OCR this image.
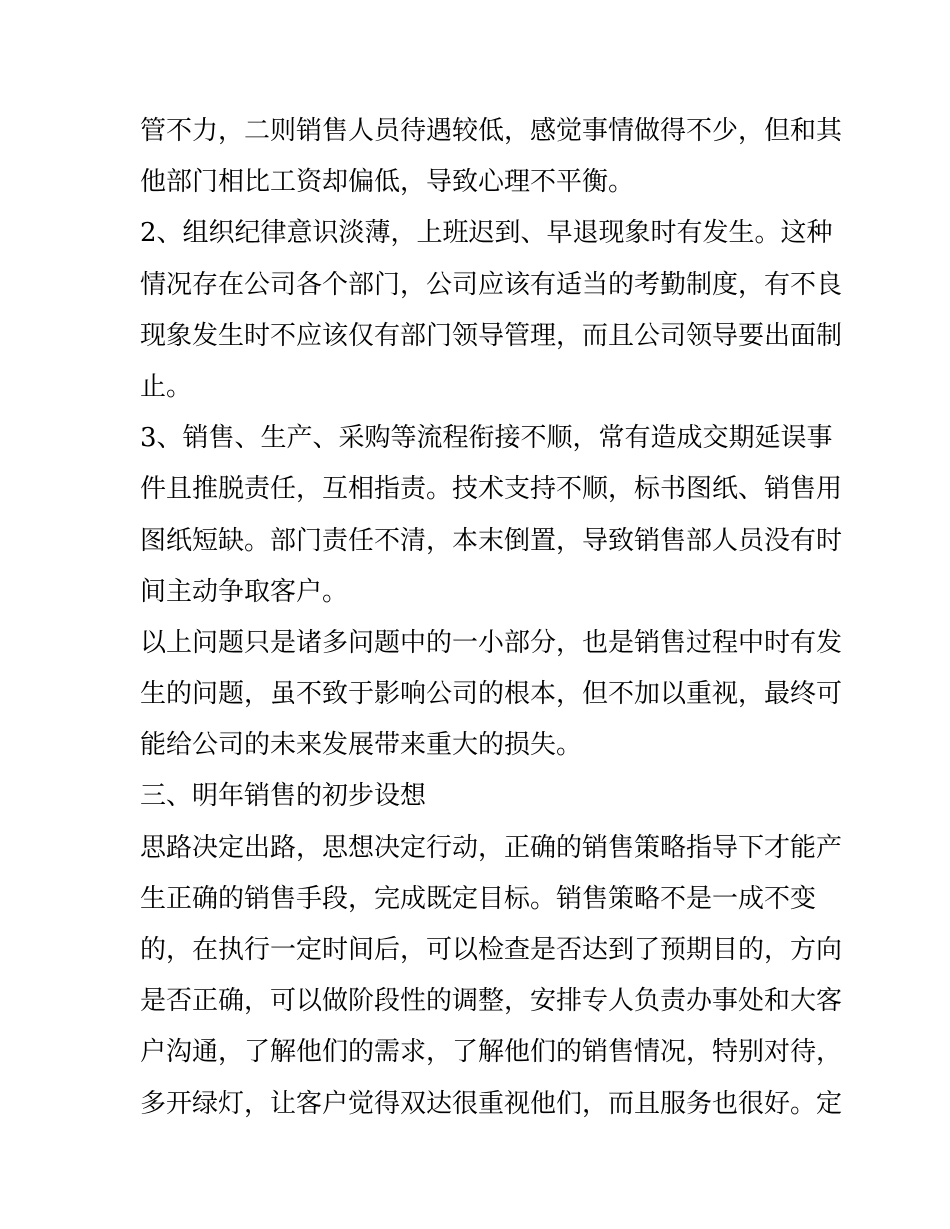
管不力，二则销售人员待遇较低，感觉事情做得不少，但和其
他部门相比工资却偏低，导致心理不平衡。
2、组织纪律意识淡薄，上班迟到、早退现象时有发生。这种
情况存在公司各个部门，公司应该有适当的考勤制度，有不良
现象发生时不应该仅有部门领导管理，而且公司领导要出面制
止。
3、销售、生产、采购等流程衔接不顺，常有造成交期延误事
件且推脱责任，互相指责。技术支持不顺，标书图纸、销售用
图纸短缺。部门责任不清，本末倒置，导致销售部人员没有时
间主动争取客户。
以上问题只是诸多问题中的一小部分，也是销售过程中时有发
生的问题，虽不致于影响公司的根本，但不加以重视，最终可
能给公司的未来发展带来重大的损失。
三、明年销售的初步设想
思路决定出路，思想决定行动，正确的销售策略指导下才能产
生正确的销售手段，完成既定目标。销售策略不是一成不变
的，在执行一定时间后，可以检查是否达到了预期目的，方向
是否正确，可以做阶段性的调整，安排专人负责办事处和大客
户沟通，了解他们的需求，了解他们的销售情况，特别对待，
多开绿灯，让客户觉得双达很重视他们，而且服务也很好。定
